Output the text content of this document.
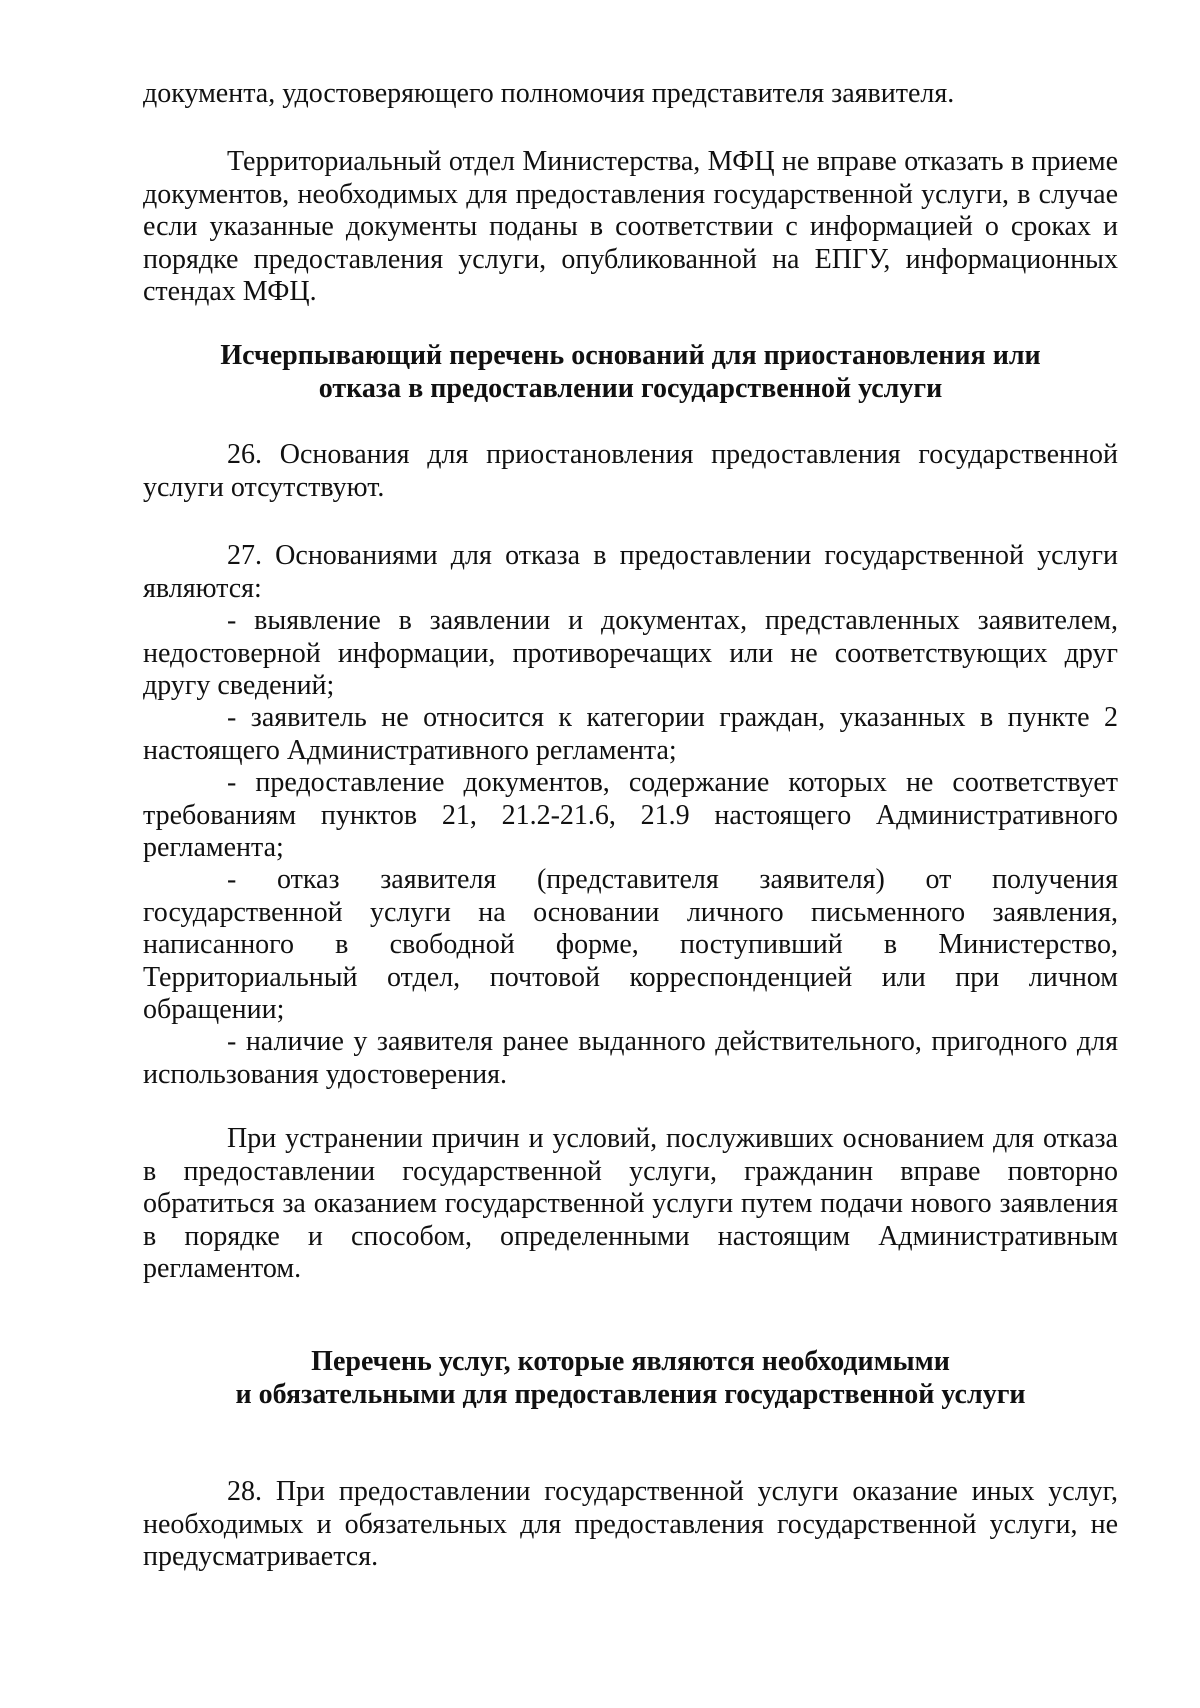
документа, удостоверяющего полномочия представителя заявителя.

Территориальный отдел Министерства, МФЦ не вправе отказать в приеме документов, необходимых для предоставления государственной услуги, в случае если указанные документы поданы в соответствии с информацией о сроках и порядке предоставления услуги, опубликованной на ЕПГУ, информационных стендах МФЦ.

Исчерпывающий перечень оснований для приостановления или
отказа в предоставлении государственной услуги

26. Основания для приостановления предоставления государственной услуги отсутствуют.

27. Основаниями для отказа в предоставлении государственной услуги являются:

- выявление в заявлении и документах, представленных заявителем, недостоверной информации, противоречащих или не соответствующих друг другу сведений;

- заявитель не относится к категории граждан, указанных в пункте 2 настоящего Административного регламента;

- предоставление документов, содержание которых не соответствует требованиям пунктов 21, 21.2-21.6, 21.9 настоящего Административного регламента;

- отказ заявителя (представителя заявителя) от получения государственной услуги на основании личного письменного заявления, написанного в свободной форме, поступивший в Министерство, Территориальный отдел, почтовой корреспонденцией или при личном обращении;

- наличие у заявителя ранее выданного действительного, пригодного для использования удостоверения.

При устранении причин и условий, послуживших основанием для отказа в предоставлении государственной услуги, гражданин вправе повторно обратиться за оказанием государственной услуги путем подачи нового заявления в порядке и способом, определенными настоящим Административным регламентом.

Перечень услуг, которые являются необходимыми
и обязательными для предоставления государственной услуги

28. При предоставлении государственной услуги оказание иных услуг, необходимых и обязательных для предоставления государственной услуги, не предусматривается.
